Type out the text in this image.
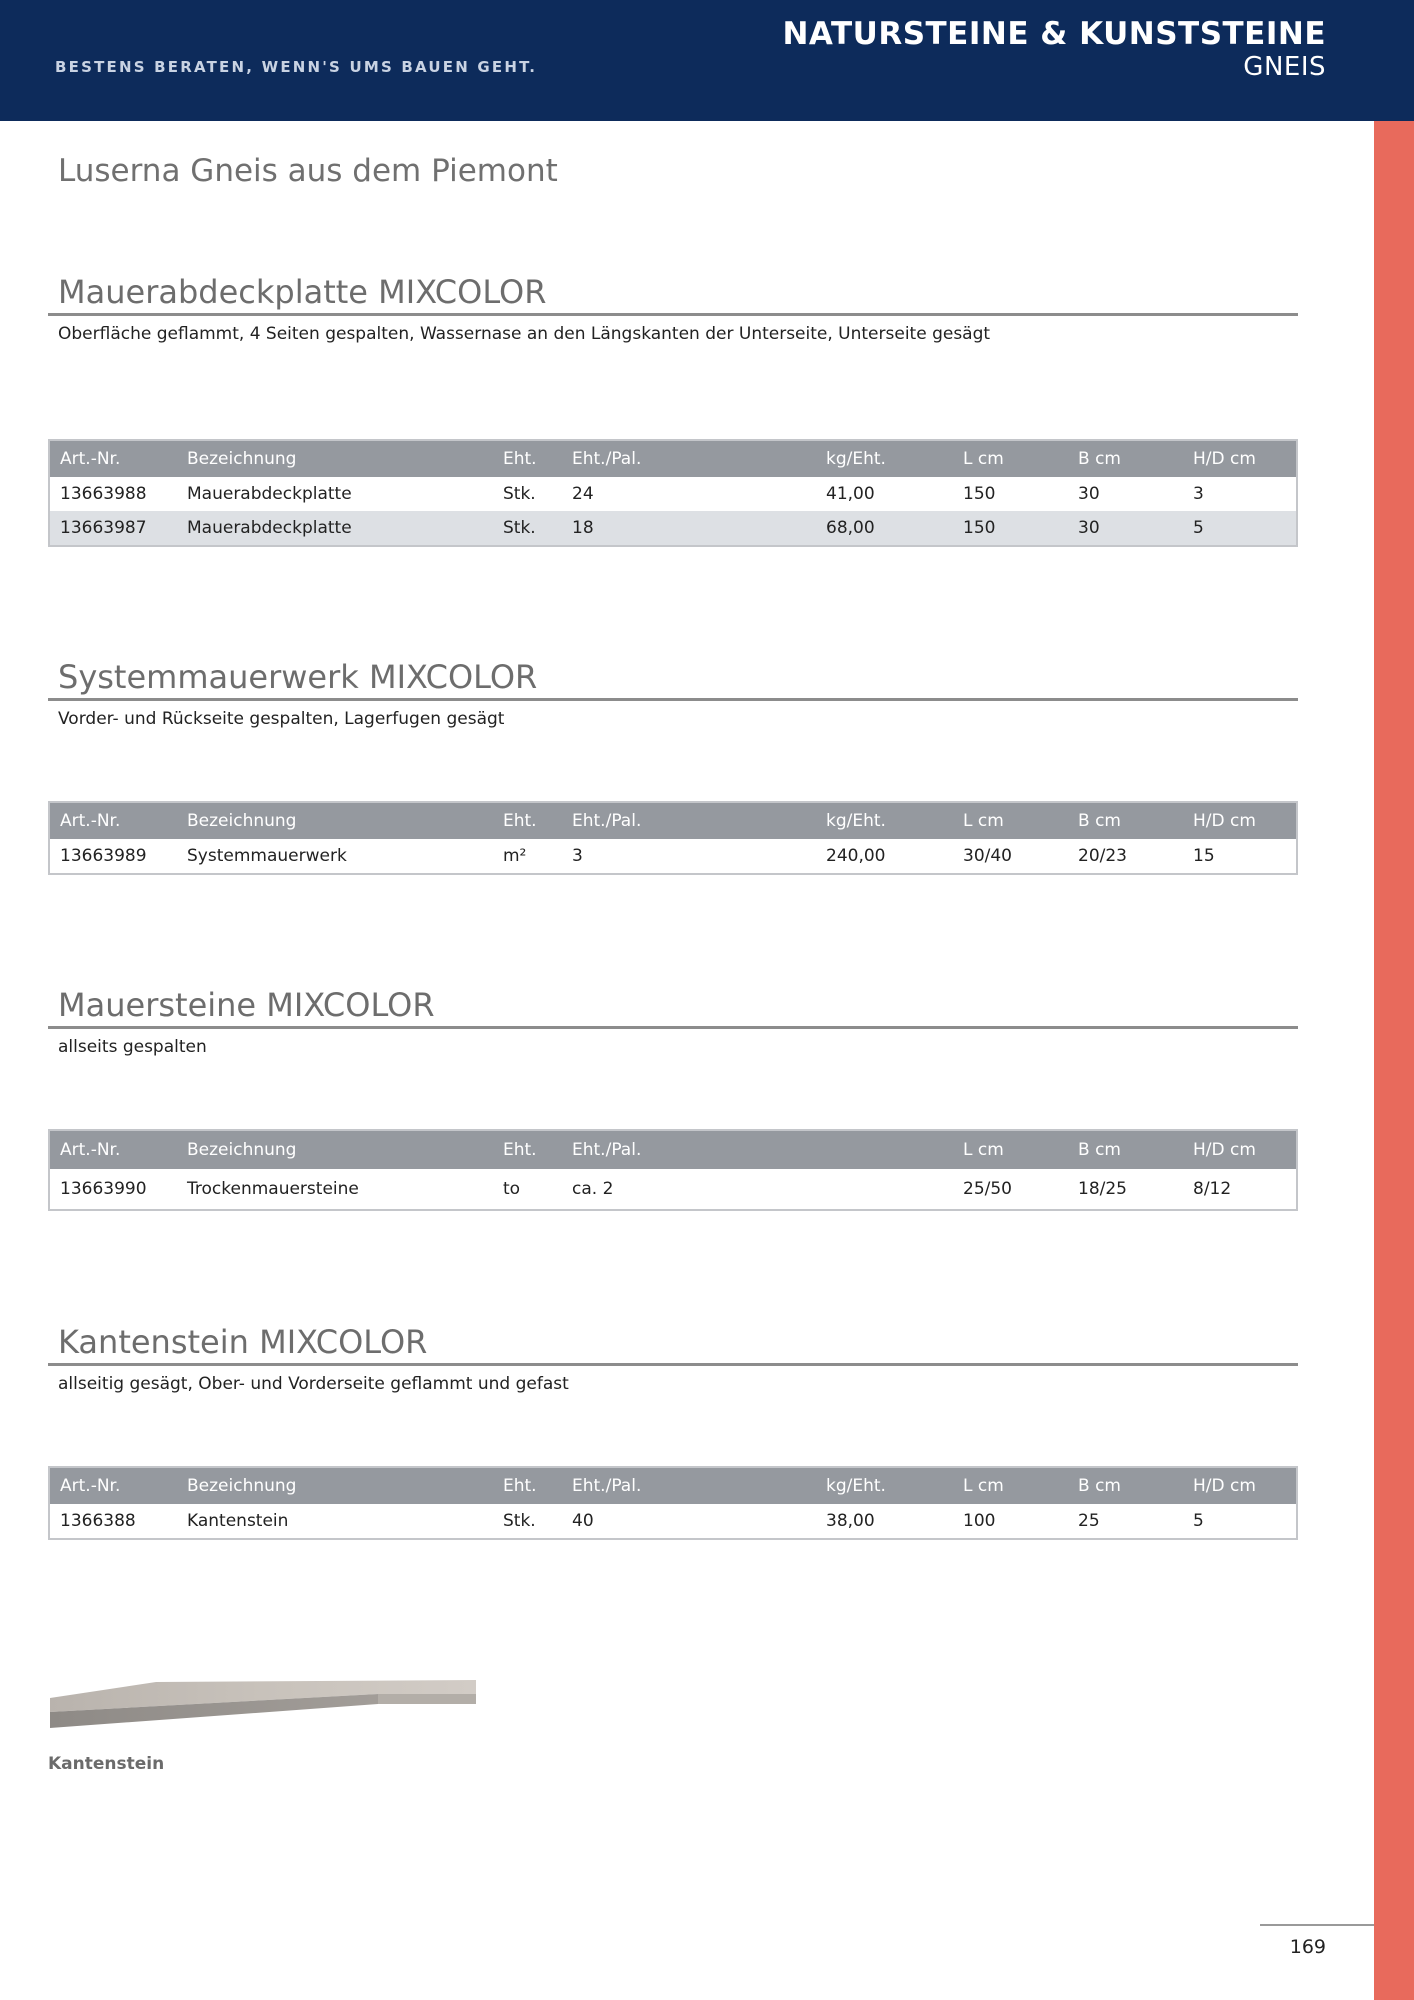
BESTENS BERATEN, WENN'S UMS BAUEN GEHT.
NATURSTEINE & KUNSTSTEINE
GNEIS
Luserna Gneis aus dem Piemont
Mauerabdeckplatte MIXCOLOR
Oberfläche geflammt, 4 Seiten gespalten, Wassernase an den Längskanten der Unterseite, Unterseite gesägt
Art.-Nr.	Bezeichnung	Eht.	Eht./Pal.	kg/Eht.	L cm	B cm	H/D cm
13663988	Mauerabdeckplatte	Stk.	24	41,00	150	30	3
13663987	Mauerabdeckplatte	Stk.	18	68,00	150	30	5
Systemmauerwerk MIXCOLOR
Vorder- und Rückseite gespalten, Lagerfugen gesägt
Art.-Nr.	Bezeichnung	Eht.	Eht./Pal.	kg/Eht.	L cm	B cm	H/D cm
13663989	Systemmauerwerk	m²	3	240,00	30/40	20/23	15
Mauersteine MIXCOLOR
allseits gespalten
Art.-Nr.	Bezeichnung	Eht.	Eht./Pal.		L cm	B cm	H/D cm
13663990	Trockenmauersteine	to	ca. 2		25/50	18/25	8/12
Kantenstein MIXCOLOR
allseitig gesägt, Ober- und Vorderseite geflammt und gefast
Art.-Nr.	Bezeichnung	Eht.	Eht./Pal.	kg/Eht.	L cm	B cm	H/D cm
1366388	Kantenstein	Stk.	40	38,00	100	25	5
Kantenstein
169
